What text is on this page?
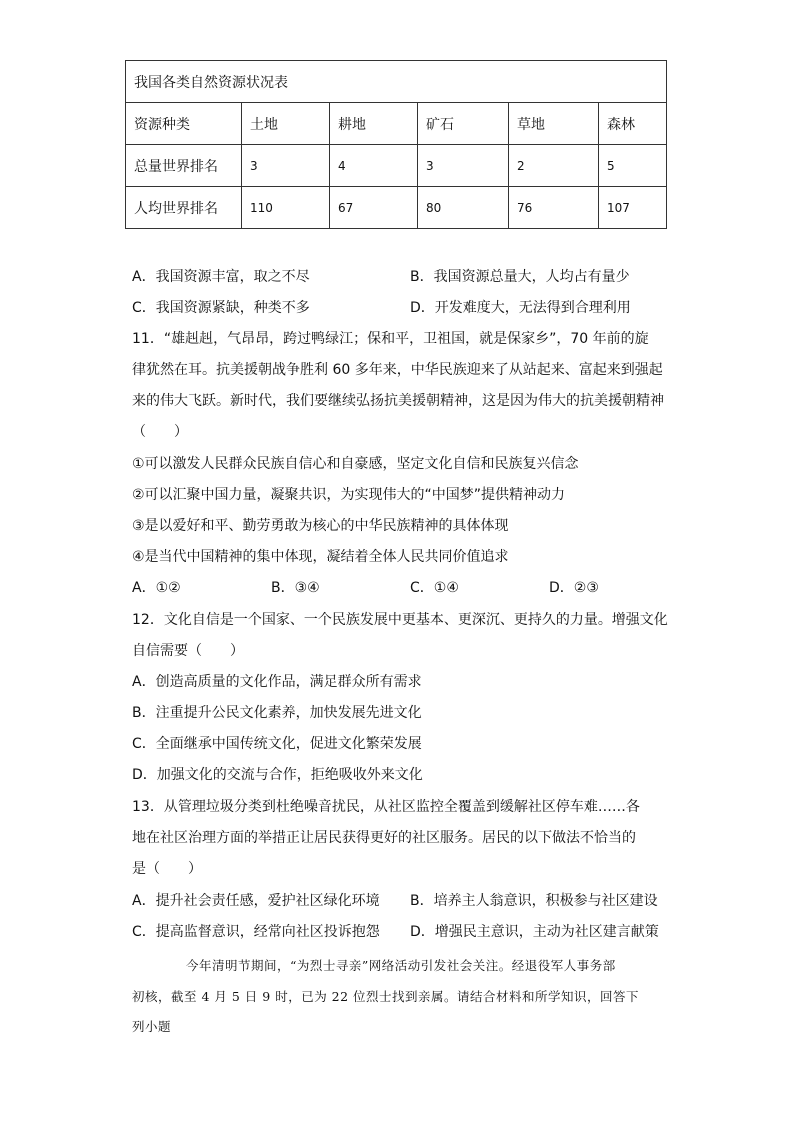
我国各类自然资源状况表					
资源种类	土地	耕地	矿石	草地	森林
总量世界排名	3	4	3	2	5
人均世界排名	110	67	80	76	107
A．我国资源丰富，取之不尽	B．我国资源总量大，人均占有量少
C．我国资源紧缺，种类不多	D．开发难度大，无法得到合理利用
11．“雄赳赳，气昂昂，跨过鸭绿江；保和平，卫祖国，就是保家乡”，70 年前的旋
律犹然在耳。抗美援朝战争胜利 60 多年来，中华民族迎来了从站起来、富起来到强起
来的伟大飞跃。新时代，我们要继续弘扬抗美援朝精神，这是因为伟大的抗美援朝精神
（　　）
①可以激发人民群众民族自信心和自豪感，坚定文化自信和民族复兴信念
②可以汇聚中国力量，凝聚共识，为实现伟大的“中国梦”提供精神动力
③是以爱好和平、勤劳勇敢为核心的中华民族精神的具体体现
④是当代中国精神的集中体现，凝结着全体人民共同价值追求
A．①②	B．③④	C．①④	D．②③
12．文化自信是一个国家、一个民族发展中更基本、更深沉、更持久的力量。增强文化
自信需要（　　）
A．创造高质量的文化作品，满足群众所有需求
B．注重提升公民文化素养，加快发展先进文化
C．全面继承中国传统文化，促进文化繁荣发展
D．加强文化的交流与合作，拒绝吸收外来文化
13．从管理垃圾分类到杜绝噪音扰民，从社区监控全覆盖到缓解社区停车难……各
地在社区治理方面的举措正让居民获得更好的社区服务。居民的以下做法不恰当的
是（　　）
A．提升社会责任感，爱护社区绿化环境 B．培养主人翁意识，积极参与社区建设
C．提高监督意识，经常向社区投诉抱怨 D．增强民主意识，主动为社区建言献策
今年清明节期间，“为烈士寻亲”网络活动引发社会关注。经退役军人事务部
初核，截至 4 月 5 日 9 时，已为 22 位烈士找到亲属。请结合材料和所学知识，回答下
列小题
